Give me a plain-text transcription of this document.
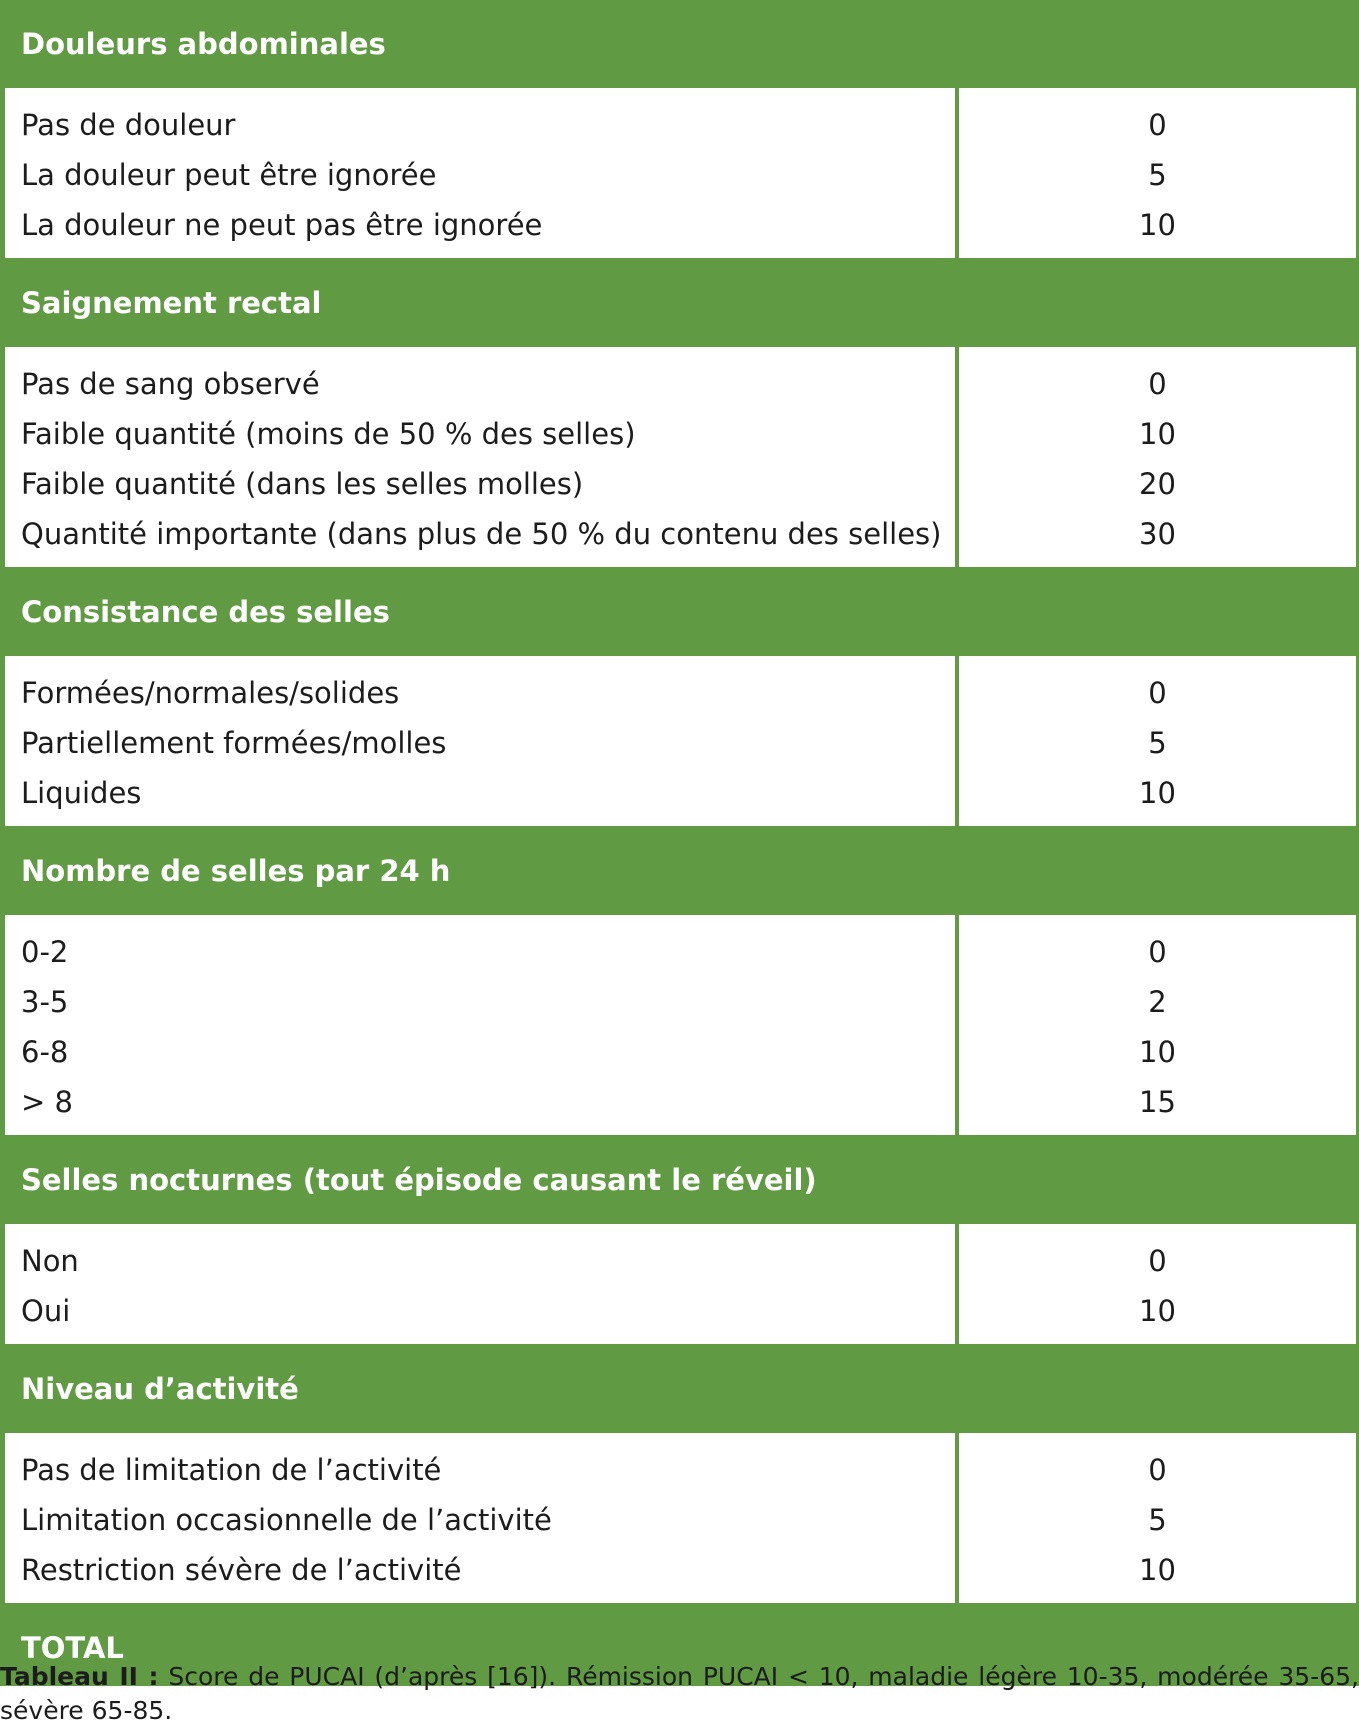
Douleurs abdominales
Pas de douleur
La douleur peut être ignorée
La douleur ne peut pas être ignorée
0
5
10
Saignement rectal
Pas de sang observé
Faible quantité (moins de 50 % des selles)
Faible quantité (dans les selles molles)
Quantité importante (dans plus de 50 % du contenu des selles)
0
10
20
30
Consistance des selles
Formées/normales/solides
Partiellement formées/molles
Liquides
0
5
10
Nombre de selles par 24 h
0-2
3-5
6-8
> 8
0
2
10
15
Selles nocturnes (tout épisode causant le réveil)
Non
Oui
0
10
Niveau d’activité
Pas de limitation de l’activité
Limitation occasionnelle de l’activité
Restriction sévère de l’activité
0
5
10
TOTAL
Tableau II : Score de PUCAI (d’après [16]). Rémission PUCAI < 10, maladie légère 10-35, modérée 35-65, sévère 65-85.
